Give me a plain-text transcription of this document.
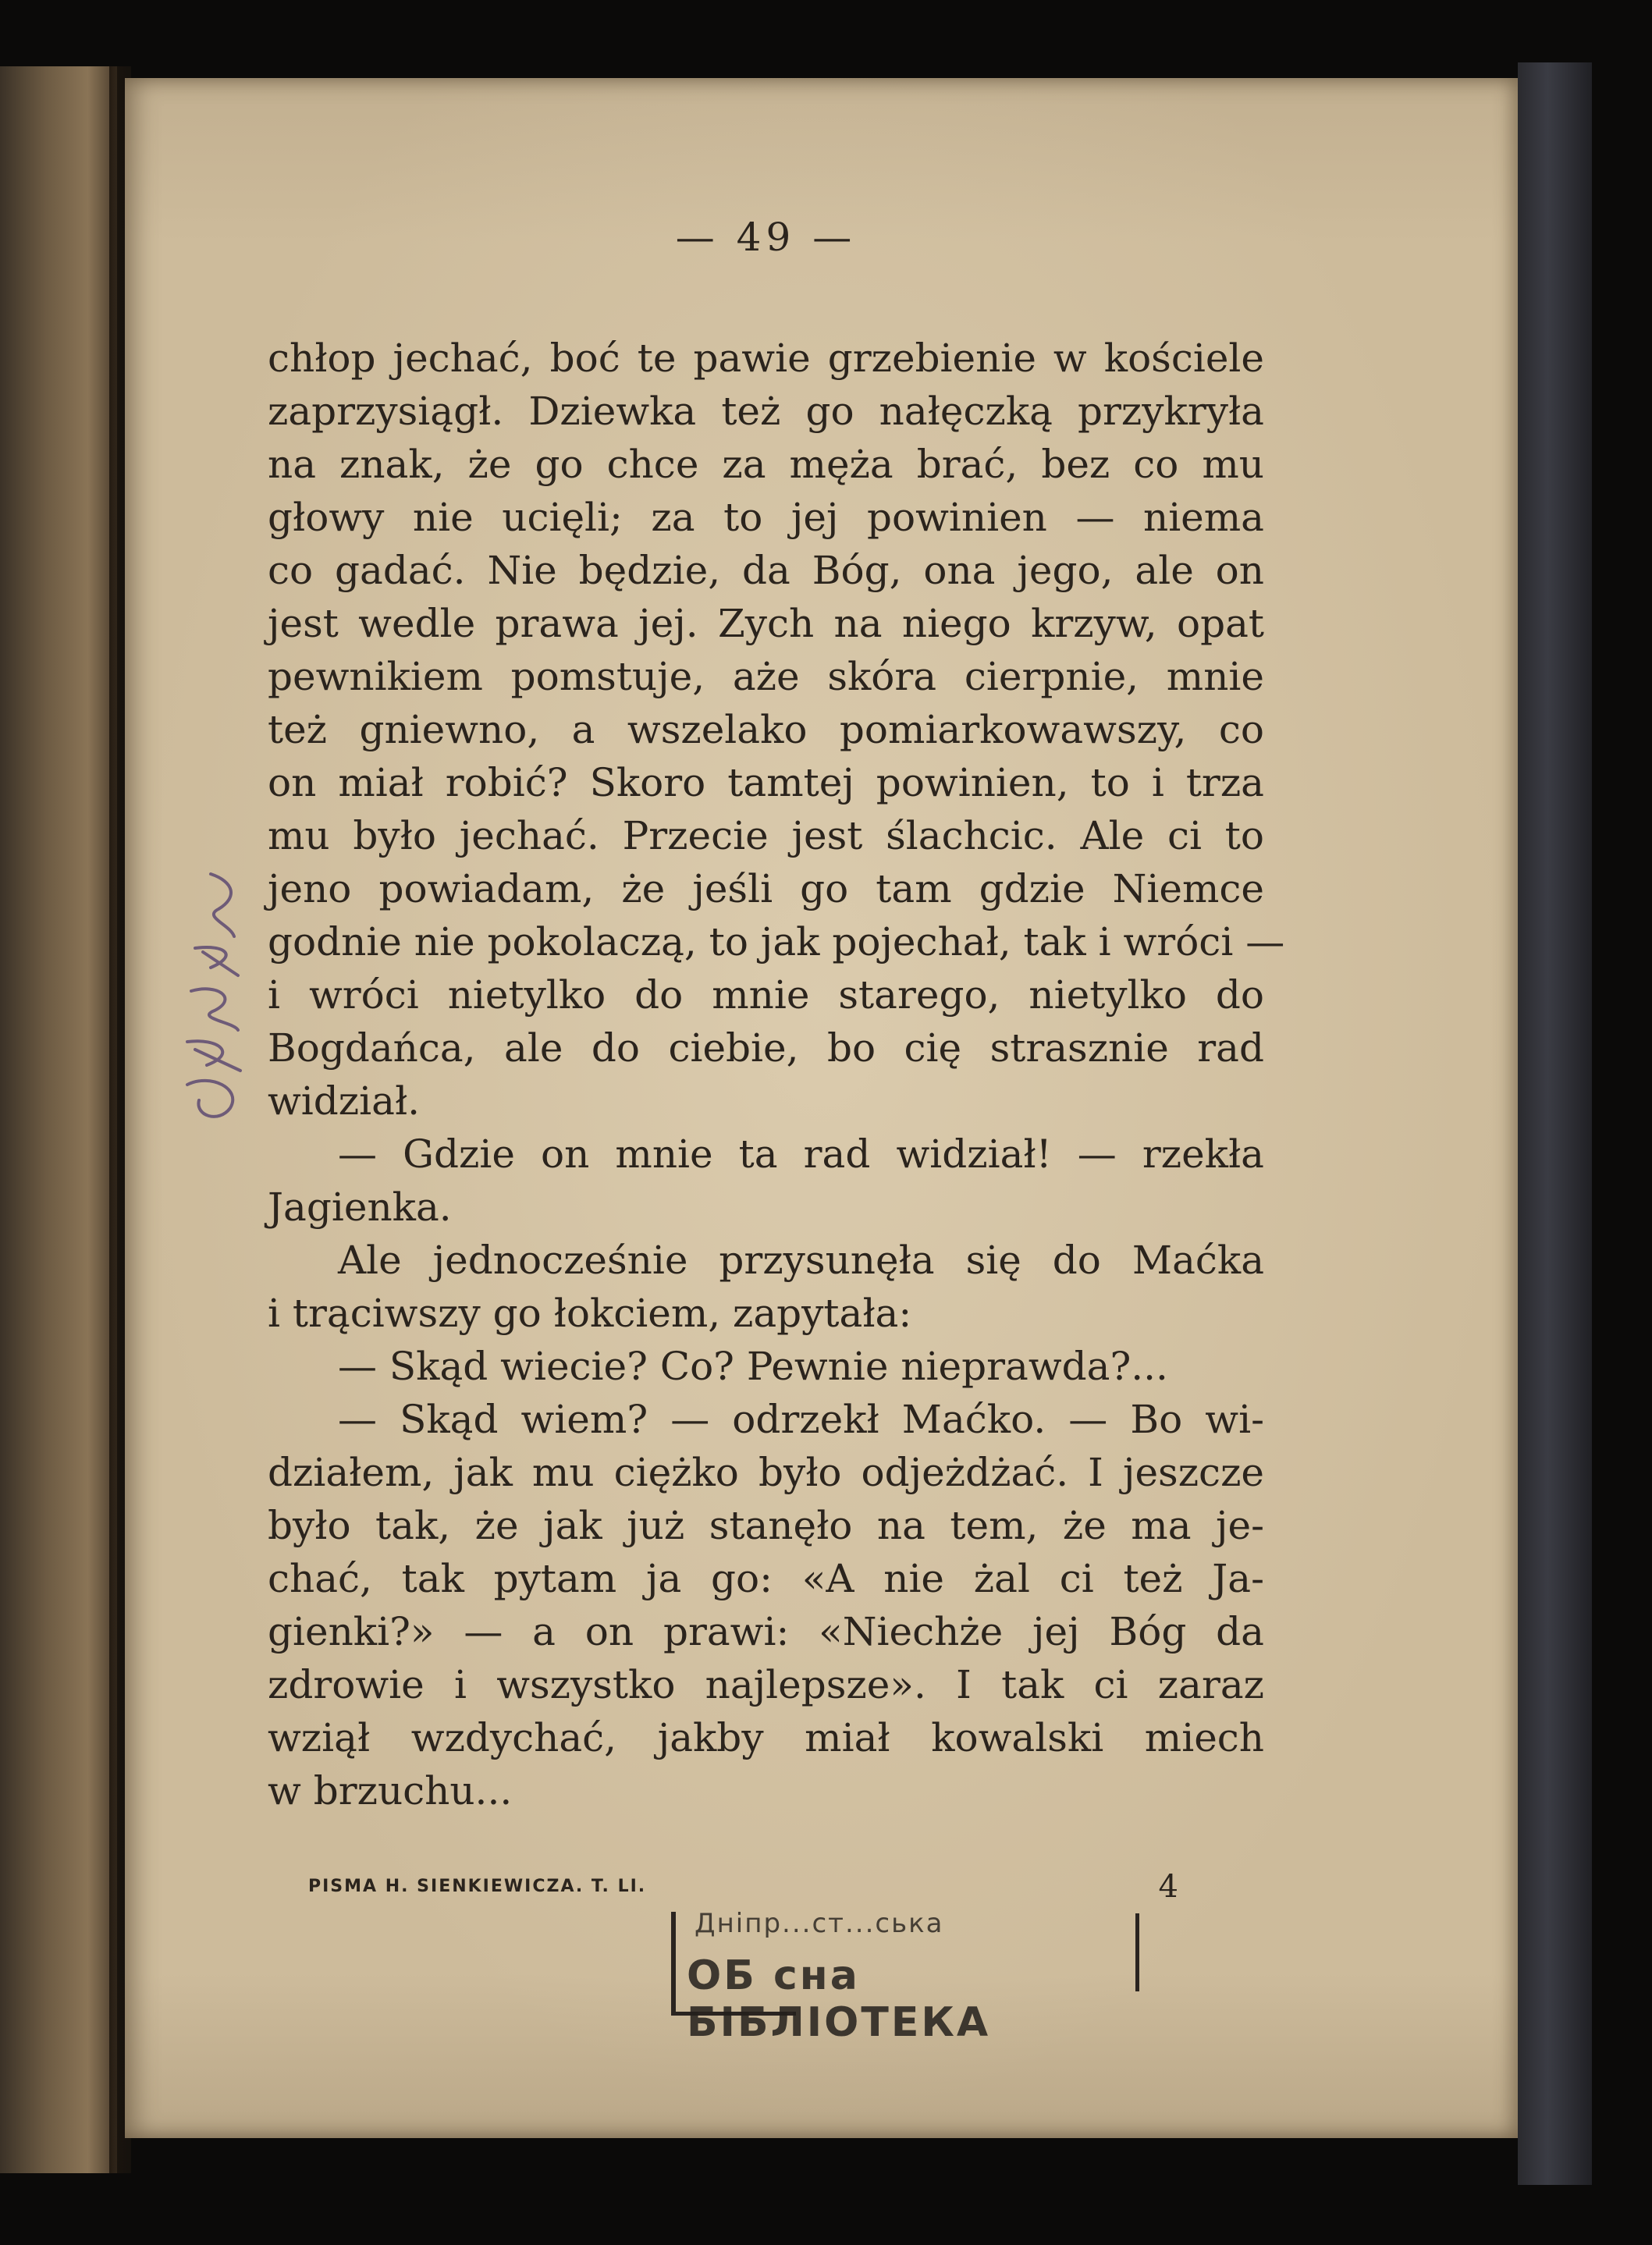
— 49 —
chłop jechać, boć te pawie grzebienie w kościele
zaprzysiągł. Dziewka też go nałęczką przykryła
na znak, że go chce za męża brać, bez co mu
głowy nie ucięli; za to jej powinien — niema
co gadać. Nie będzie, da Bóg, ona jego, ale on
jest wedle prawa jej. Zych na niego krzyw, opat
pewnikiem pomstuje, aże skóra cierpnie, mnie
też gniewno, a wszelako pomiarkowawszy, co
on miał robić? Skoro tamtej powinien, to i trza
mu było jechać. Przecie jest ślachcic. Ale ci to
jeno powiadam, że jeśli go tam gdzie Niemce
godnie nie pokolaczą, to jak pojechał, tak i wróci —
i wróci nietylko do mnie starego, nietylko do
Bogdańca, ale do ciebie, bo cię strasznie rad
widział.
— Gdzie on mnie ta rad widział! — rzekła
Jagienka.
Ale jednocześnie przysunęła się do Maćka
i trąciwszy go łokciem, zapytała:
— Skąd wiecie? Co? Pewnie nieprawda?...
— Skąd wiem? — odrzekł Maćko. — Bo wi-
działem, jak mu ciężko było odjeżdżać. I jeszcze
było tak, że jak już stanęło na tem, że ma je-
chać, tak pytam ja go: «A nie żal ci też Ja-
gienki?» — a on prawi: «Niechże jej Bóg da
zdrowie i wszystko najlepsze». I tak ci zaraz
wziął wzdychać, jakby miał kowalski miech
w brzuchu...
PISMA H. SIENKIEWICZA. T. LI.	4
Днiпр...ст...ська
ОБ сна БІБЛІОТЕКА
